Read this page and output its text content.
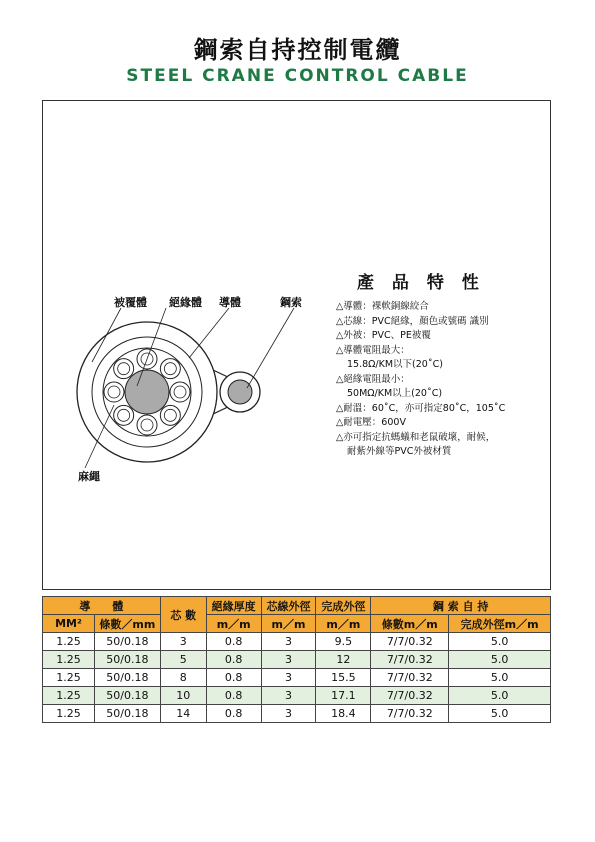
鋼索自持控制電纜
STEEL CRANE CONTROL CABLE
被覆體 絕緣體 導體	鋼索
麻繩
產 品 特 性
△導體：裸軟銅線絞合
△芯線：PVC絕緣，顏色或號碼 識別
△外被：PVC、PE被覆
△導體電阻最大：
15.8Ω/KM以下(20˚C)
△絕緣電阻最小：
50MΩ/KM以上(20˚C)
△耐溫：60˚C，亦可指定80˚C，105˚C
△耐電壓：600V
△亦可指定抗螞蟻和老鼠破壞，耐候，
耐紫外線等PVC外被材質
導　　體		芯 數	絕緣厚度	芯線外徑	完成外徑	鋼 索 自 持	
MM²	條數／mm		m／m	m／m	m／m	條數m／m	完成外徑m／m
1.25	50/0.18	3	0.8	3	9.5	7/7/0.32	5.0
1.25	50/0.18	5	0.8	3	12	7/7/0.32	5.0
1.25	50/0.18	8	0.8	3	15.5	7/7/0.32	5.0
1.25	50/0.18	10	0.8	3	17.1	7/7/0.32	5.0
1.25	50/0.18	14	0.8	3	18.4	7/7/0.32	5.0
